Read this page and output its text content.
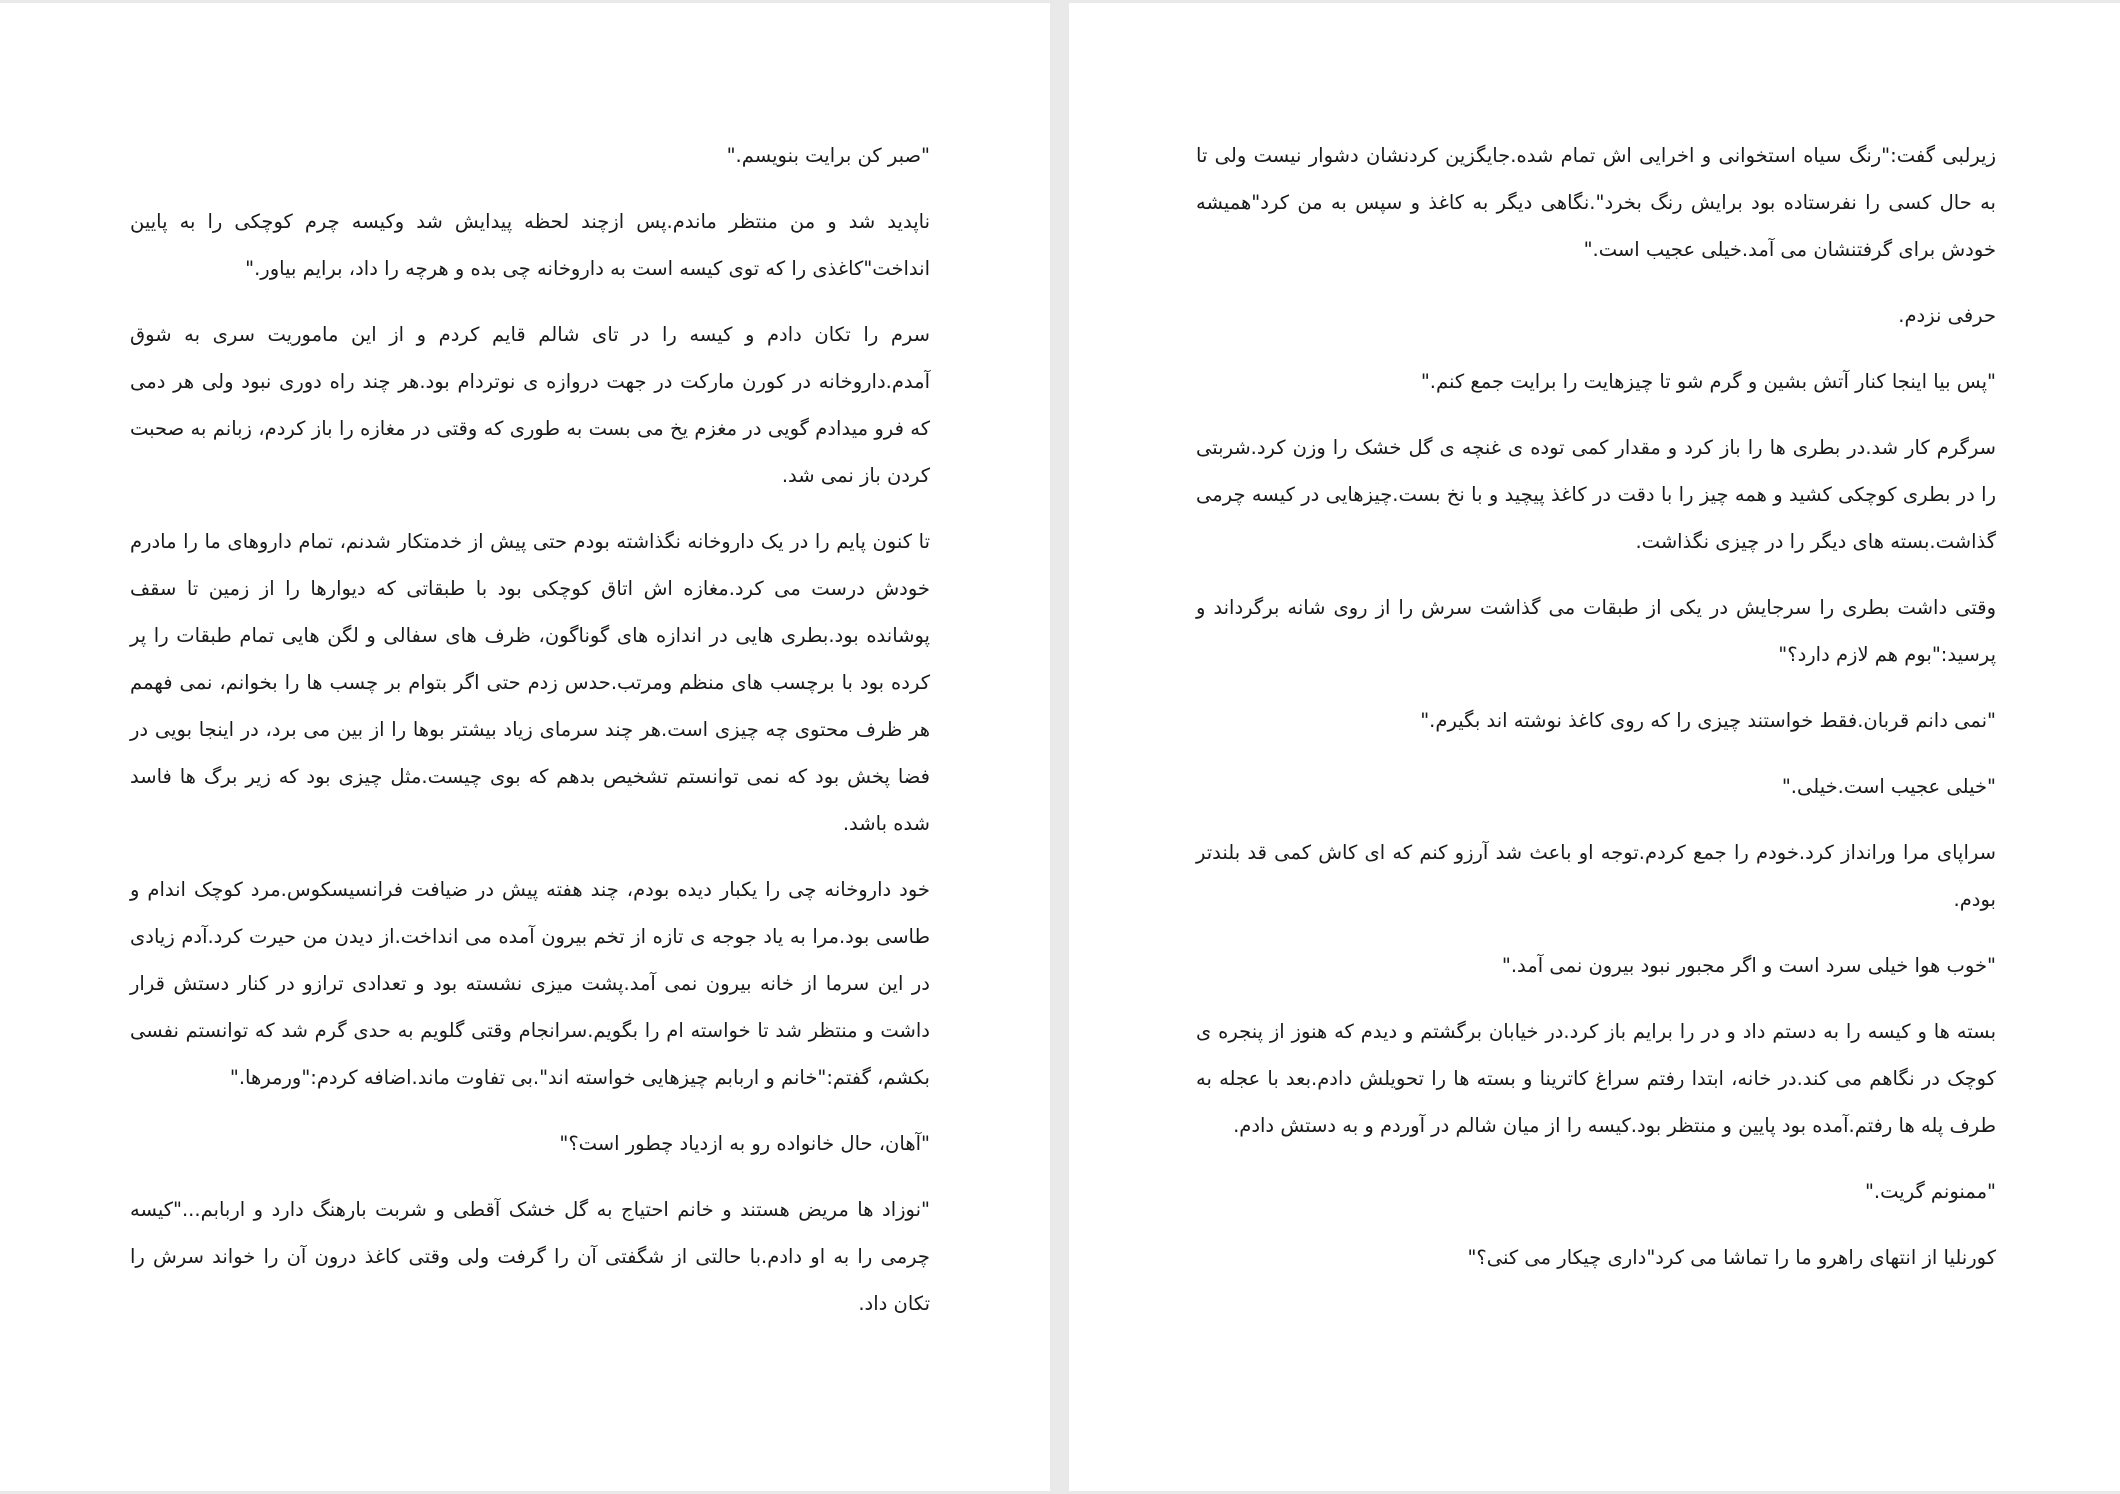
"صبر کن برایت بنویسم."

ناپدید شد و من منتظر ماندم.پس ازچند لحظه پیدایش شد وکیسه چرم کوچکی را به پایین انداخت"کاغذی را که توی کیسه است به داروخانه چی بده و هرچه را داد، برایم بیاور."

سرم را تکان دادم و کیسه را در تای شالم قایم کردم و از این ماموریت سری به شوق آمدم.داروخانه در کورن مارکت در جهت دروازه ی نوتردام بود.هر چند راه دوری نبود ولی هر دمی که فرو میدادم گویی در مغزم یخ می بست به طوری که وقتی در مغازه را باز کردم، زبانم به صحبت کردن باز نمی شد.

تا کنون پایم را در یک داروخانه نگذاشته بودم حتی پیش از خدمتکار شدنم، تمام داروهای ما را مادرم خودش درست می کرد.مغازه اش اتاق کوچکی بود با طبقاتی که دیوارها را از زمین تا سقف پوشانده بود.بطری هایی در اندازه های گوناگون، ظرف های سفالی و لگن هایی تمام طبقات را پر کرده بود با برچسب های منظم ومرتب.حدس زدم حتی اگر بتوام بر چسب ها را بخوانم، نمی فهمم هر ظرف محتوی چه چیزی است.هر چند سرمای زیاد بیشتر بوها را از بین می برد، در اینجا بویی در فضا پخش بود که نمی توانستم تشخیص بدهم که بوی چیست.مثل چیزی بود که زیر برگ ها فاسد شده باشد.

خود داروخانه چی را یکبار دیده بودم، چند هفته پیش در ضیافت فرانسیسکوس.مرد کوچک اندام و طاسی بود.مرا به یاد جوجه ی تازه از تخم بیرون آمده می انداخت.از دیدن من حیرت کرد.آدم زیادی در این سرما از خانه بیرون نمی آمد.پشت میزی نشسته بود و تعدادی ترازو در کنار دستش قرار داشت و منتظر شد تا خواسته ام را بگویم.سرانجام وقتی گلویم به حدی گرم شد که توانستم نفسی بکشم، گفتم:"خانم و اربابم چیزهایی خواسته اند".بی تفاوت ماند.اضافه کردم:"ورمرها."

"آهان، حال خانواده رو به ازدیاد چطور است؟"

"نوزاد ها مریض هستند و خانم احتیاج به گل خشک آقطی و شربت بارهنگ دارد و اربابم..."کیسه چرمی را به او دادم.با حالتی از شگفتی آن را گرفت ولی وقتی کاغذ درون آن را خواند سرش را تکان داد.

زیرلبی گفت:"رنگ سیاه استخوانی و اخرایی اش تمام شده.جایگزین کردنشان دشوار نیست ولی تا به حال کسی را نفرستاده بود برایش رنگ بخرد".نگاهی دیگر به کاغذ و سپس به من کرد"همیشه خودش برای گرفتنشان می آمد.خیلی عجیب است."

حرفی نزدم.

"پس بیا اینجا کنار آتش بشین و گرم شو تا چیزهایت را برایت جمع کنم."

سرگرم کار شد.در بطری ها را باز کرد و مقدار کمی توده ی غنچه ی گل خشک را وزن کرد.شربتی را در بطری کوچکی کشید و همه چیز را با دقت در کاغذ پیچید و با نخ بست.چیزهایی در کیسه چرمی گذاشت.بسته های دیگر را در چیزی نگذاشت.

وقتی داشت بطری را سرجایش در یکی از طبقات می گذاشت سرش را از روی شانه برگرداند و پرسید:"بوم هم لازم دارد؟"

"نمی دانم قربان.فقط خواستند چیزی را که روی کاغذ نوشته اند بگیرم."

"خیلی عجیب است.خیلی."

سراپای مرا ورانداز کرد.خودم را جمع کردم.توجه او باعث شد آرزو کنم که ای کاش کمی قد بلندتر بودم.

"خوب هوا خیلی سرد است و اگر مجبور نبود بیرون نمی آمد."

بسته ها و کیسه را به دستم داد و در را برایم باز کرد.در خیابان برگشتم و دیدم که هنوز از پنجره ی کوچک در نگاهم می کند.در خانه، ابتدا رفتم سراغ کاترینا و بسته ها را تحویلش دادم.بعد با عجله به طرف پله ها رفتم.آمده بود پایین و منتظر بود.کیسه را از میان شالم در آوردم و به دستش دادم.

"ممنونم گریت."

کورنلیا از انتهای راهرو ما را تماشا می کرد"داری چیکار می کنی؟"
